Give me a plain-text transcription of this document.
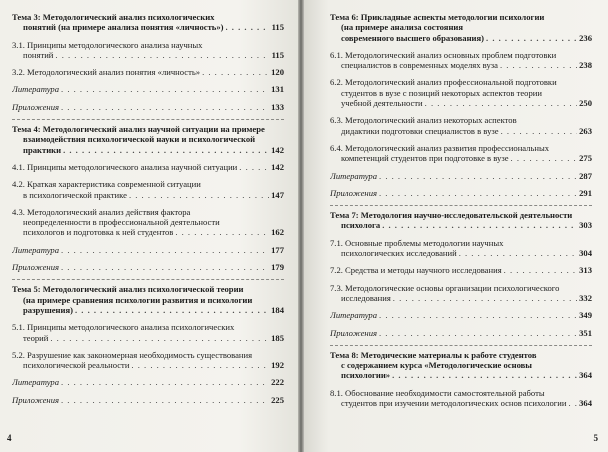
Тема 3: Методологический анализ психологических
понятий (на примере анализа понятия «личность») . . .	115
3.1. Принципы методологического анализа научных
понятий . . .	115
3.2. Методологический анализ понятия «личность» . . .	120
Литература . . .	131
Приложения . . .	133
Тема 4: Методологический анализ научной ситуации на примере
взаимодействия психологической науки и психологической
практики . . .	142
4.1. Принципы методологического анализа научной ситуации . . .	142
4.2. Краткая характеристика современной ситуации
в психологической практике . . .	147
4.3. Методологический анализ действия фактора
неопределенности в профессиональной деятельности
психологов и подготовка к ней студентов . . .	162
Литература . . .	177
Приложения . . .	179
Тема 5: Методологический анализ психологической теории
(на примере сравнения психологии развития и психологии
разрушения) . . .	184
5.1. Принципы методологического анализа психологических
теорий . . .	185
5.2. Разрушение как закономерная необходимость существования
психологической реальности . . .	192
Литература . . .	222
Приложения . . .	225
4
Тема 6: Прикладные аспекты методологии психологии
(на примере анализа состояния
современного высшего образования) . . .	236
6.1. Методологический анализ основных проблем подготовки
специалистов в современных моделях вуза . . .	238
6.2. Методологический анализ профессиональной подготовки
студентов в вузе с позиций некоторых аспектов теории
учебной деятельности . . .	250
6.3. Методологический анализ некоторых аспектов
дидактики подготовки специалистов в вузе . . .	263
6.4. Методологический анализ развития профессиональных
компетенций студентов при подготовке в вузе . . .	275
Литература . . .	287
Приложения . . .	291
Тема 7: Методология научно-исследовательской деятельности
психолога . . .	303
7.1. Основные проблемы методологии научных
психологических исследований . . .	304
7.2. Средства и методы научного исследования . . .	313
7.3. Методологические основы организации психологического
исследования . . .	332
Литература . . .	349
Приложения . . .	351
Тема 8: Методические материалы к работе студентов
с содержанием курса «Методологические основы
психологии» . . .	364
8.1. Обоснование необходимости самостоятельной работы
студентов при изучении методологических основ психологии . . . 364
5
